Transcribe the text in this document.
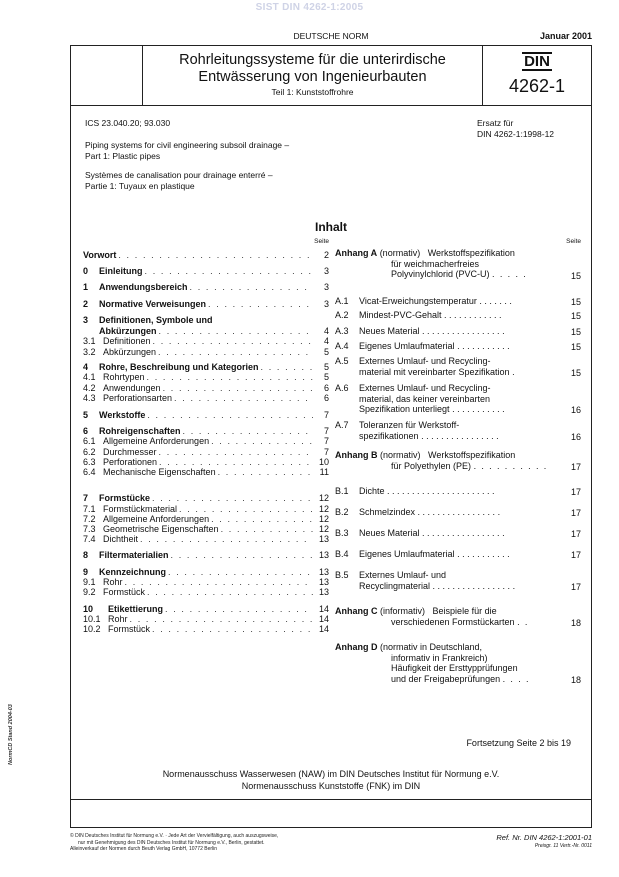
SIST DIN 4262-1:2005
DEUTSCHE NORM	Januar 2001
Rohrleitungssysteme für die unterirdische
Entwässerung von Ingenieurbauten
Teil 1: Kunststoffrohre
DIN
4262-1
ICS 23.040.20; 93.030	Ersatz für
DIN 4262-1:1998-12
Piping systems for civil engineering subsoil drainage –
Part 1: Plastic pipes
Systèmes de canalisation pour drainage enterré –
Partie 1: Tuyaux en plastique
Inhalt
Seite
Vorwort . . .	2
0	Einleitung . . .	3
1	Anwendungsbereich . . .	3
2	Normative Verweisungen . . .	3
3	Definitionen, Symbole und
Abkürzungen . . .	4
3.1 Definitionen . . .	4
3.2 Abkürzungen . . .	5
4	Rohre, Beschreibung und Kategorien . . .	5
4.1 Rohrtypen . . .	5
4.2 Anwendungen . . .	6
4.3 Perforationsarten . . .	6
5	Werkstoffe . . .	7
6	Rohreigenschaften . . .	7
6.1 Allgemeine Anforderungen . . .	7
6.2 Durchmesser . . .	7
6.3 Perforationen . . .	10
6.4 Mechanische Eigenschaften . . .	11
7	Formstücke . . .	12
7.1 Formstückmaterial . . .	12
7.2 Allgemeine Anforderungen . . .	12
7.3 Geometrische Eigenschaften . . .	12
7.4 Dichtheit . . .	13
8	Filtermaterialien . . .	13
9	Kennzeichnung . . .	13
9.1 Rohr . . .	13
9.2 Formstück . . .	13
10	Etikettierung . . .	14
10.1 Rohr . . .	14
10.2 Formstück . . .	14
Seite
Anhang A (normativ) Werkstoffspezifikation
für weichmacherfreies
Polyvinylchlorid (PVC-U) . . . . .	15
A.1	Vicat-Erweichungstemperatur . . . . . . .	15
A.2	Mindest-PVC-Gehalt . . . . . . . . . . . .	15
A.3	Neues Material . . . . . . . . . . . . . . . . .	15
A.4	Eigenes Umlaufmaterial . . . . . . . . . . .	15
A.5	Externes Umlauf- und Recycling-
material mit vereinbarter Spezifikation .	15
A.6	Externes Umlauf- und Recycling-
material, das keiner vereinbarten
Spezifikation unterliegt . . . . . . . . . . .	16
A.7	Toleranzen für Werkstoff-
spezifikationen . . . . . . . . . . . . . . . .	16
Anhang B (normativ) Werkstoffspezifikation
für Polyethylen (PE) . . . . . . . . . .	17
B.1	Dichte . . . . . . . . . . . . . . . . . . . . . .	17
B.2	Schmelzindex . . . . . . . . . . . . . . . . .	17
B.3	Neues Material . . . . . . . . . . . . . . . . .	17
B.4	Eigenes Umlaufmaterial . . . . . . . . . . .	17
B.5	Externes Umlauf- und
Recyclingmaterial . . . . . . . . . . . . . . . . .	17
Anhang C (informativ) Beispiele für die
verschiedenen Formstückarten . .	18
Anhang D (normativ in Deutschland,
informativ in Frankreich)
Häufigkeit der Ersttypprüfungen
und der Freigabeprüfungen . . . .	18
Fortsetzung Seite 2 bis 19
Normenausschuss Wasserwesen (NAW) im DIN Deutsches Institut für Normung e.V.
Normenausschuss Kunststoffe (FNK) im DIN
© DIN Deutsches Institut für Normung e.V. · Jede Art der Vervielfältigung, auch auszugsweise,
nur mit Genehmigung des DIN Deutsches Institut für Normung e.V., Berlin, gestattet.
Alleinverkauf der Normen durch Beuth Verlag GmbH, 10772 Berlin
Ref. Nr. DIN 4262-1:2001-01
Preisgr. 11 Vertr.-Nr. 0011
NormCD Stand 2004-03
